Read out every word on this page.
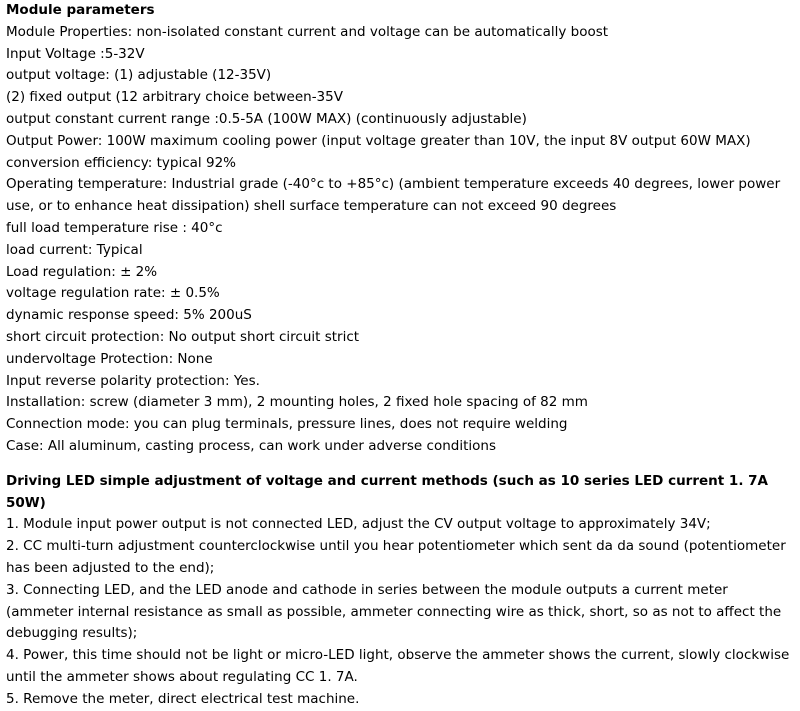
Module parameters

Module Properties: non-isolated constant current and voltage can be automatically boost

Input Voltage :5-32V

output voltage: (1) adjustable (12-35V)

(2) fixed output (12 arbitrary choice between-35V

output constant current range :0.5-5A (100W MAX) (continuously adjustable)

Output Power: 100W maximum cooling power (input voltage greater than 10V, the input 8V output 60W MAX)

conversion efficiency: typical 92%

Operating temperature: Industrial grade (-40°c to +85°c) (ambient temperature exceeds 40 degrees, lower power use, or to enhance heat dissipation) shell surface temperature can not exceed 90 degrees

full load temperature rise : 40°c

load current: Typical

Load regulation: ± 2%

voltage regulation rate: ± 0.5%

dynamic response speed: 5% 200uS

short circuit protection: No output short circuit strict

undervoltage Protection: None

Input reverse polarity protection: Yes.

Installation: screw (diameter 3 mm), 2 mounting holes, 2 fixed hole spacing of 82 mm

Connection mode: you can plug terminals, pressure lines, does not require welding

Case: All aluminum, casting process, can work under adverse conditions

Driving LED simple adjustment of voltage and current methods (such as 10 series LED current 1. 7A 50W)

1. Module input power output is not connected LED, adjust the CV output voltage to approximately 34V;

2. CC multi-turn adjustment counterclockwise until you hear potentiometer which sent da da sound (potentiometer has been adjusted to the end);

3. Connecting LED, and the LED anode and cathode in series between the module outputs a current meter (ammeter internal resistance as small as possible, ammeter connecting wire as thick, short, so as not to affect the debugging results);

4. Power, this time should not be light or micro-LED light, observe the ammeter shows the current, slowly clockwise until the ammeter shows about regulating CC 1. 7A.

5. Remove the meter, direct electrical test machine.
